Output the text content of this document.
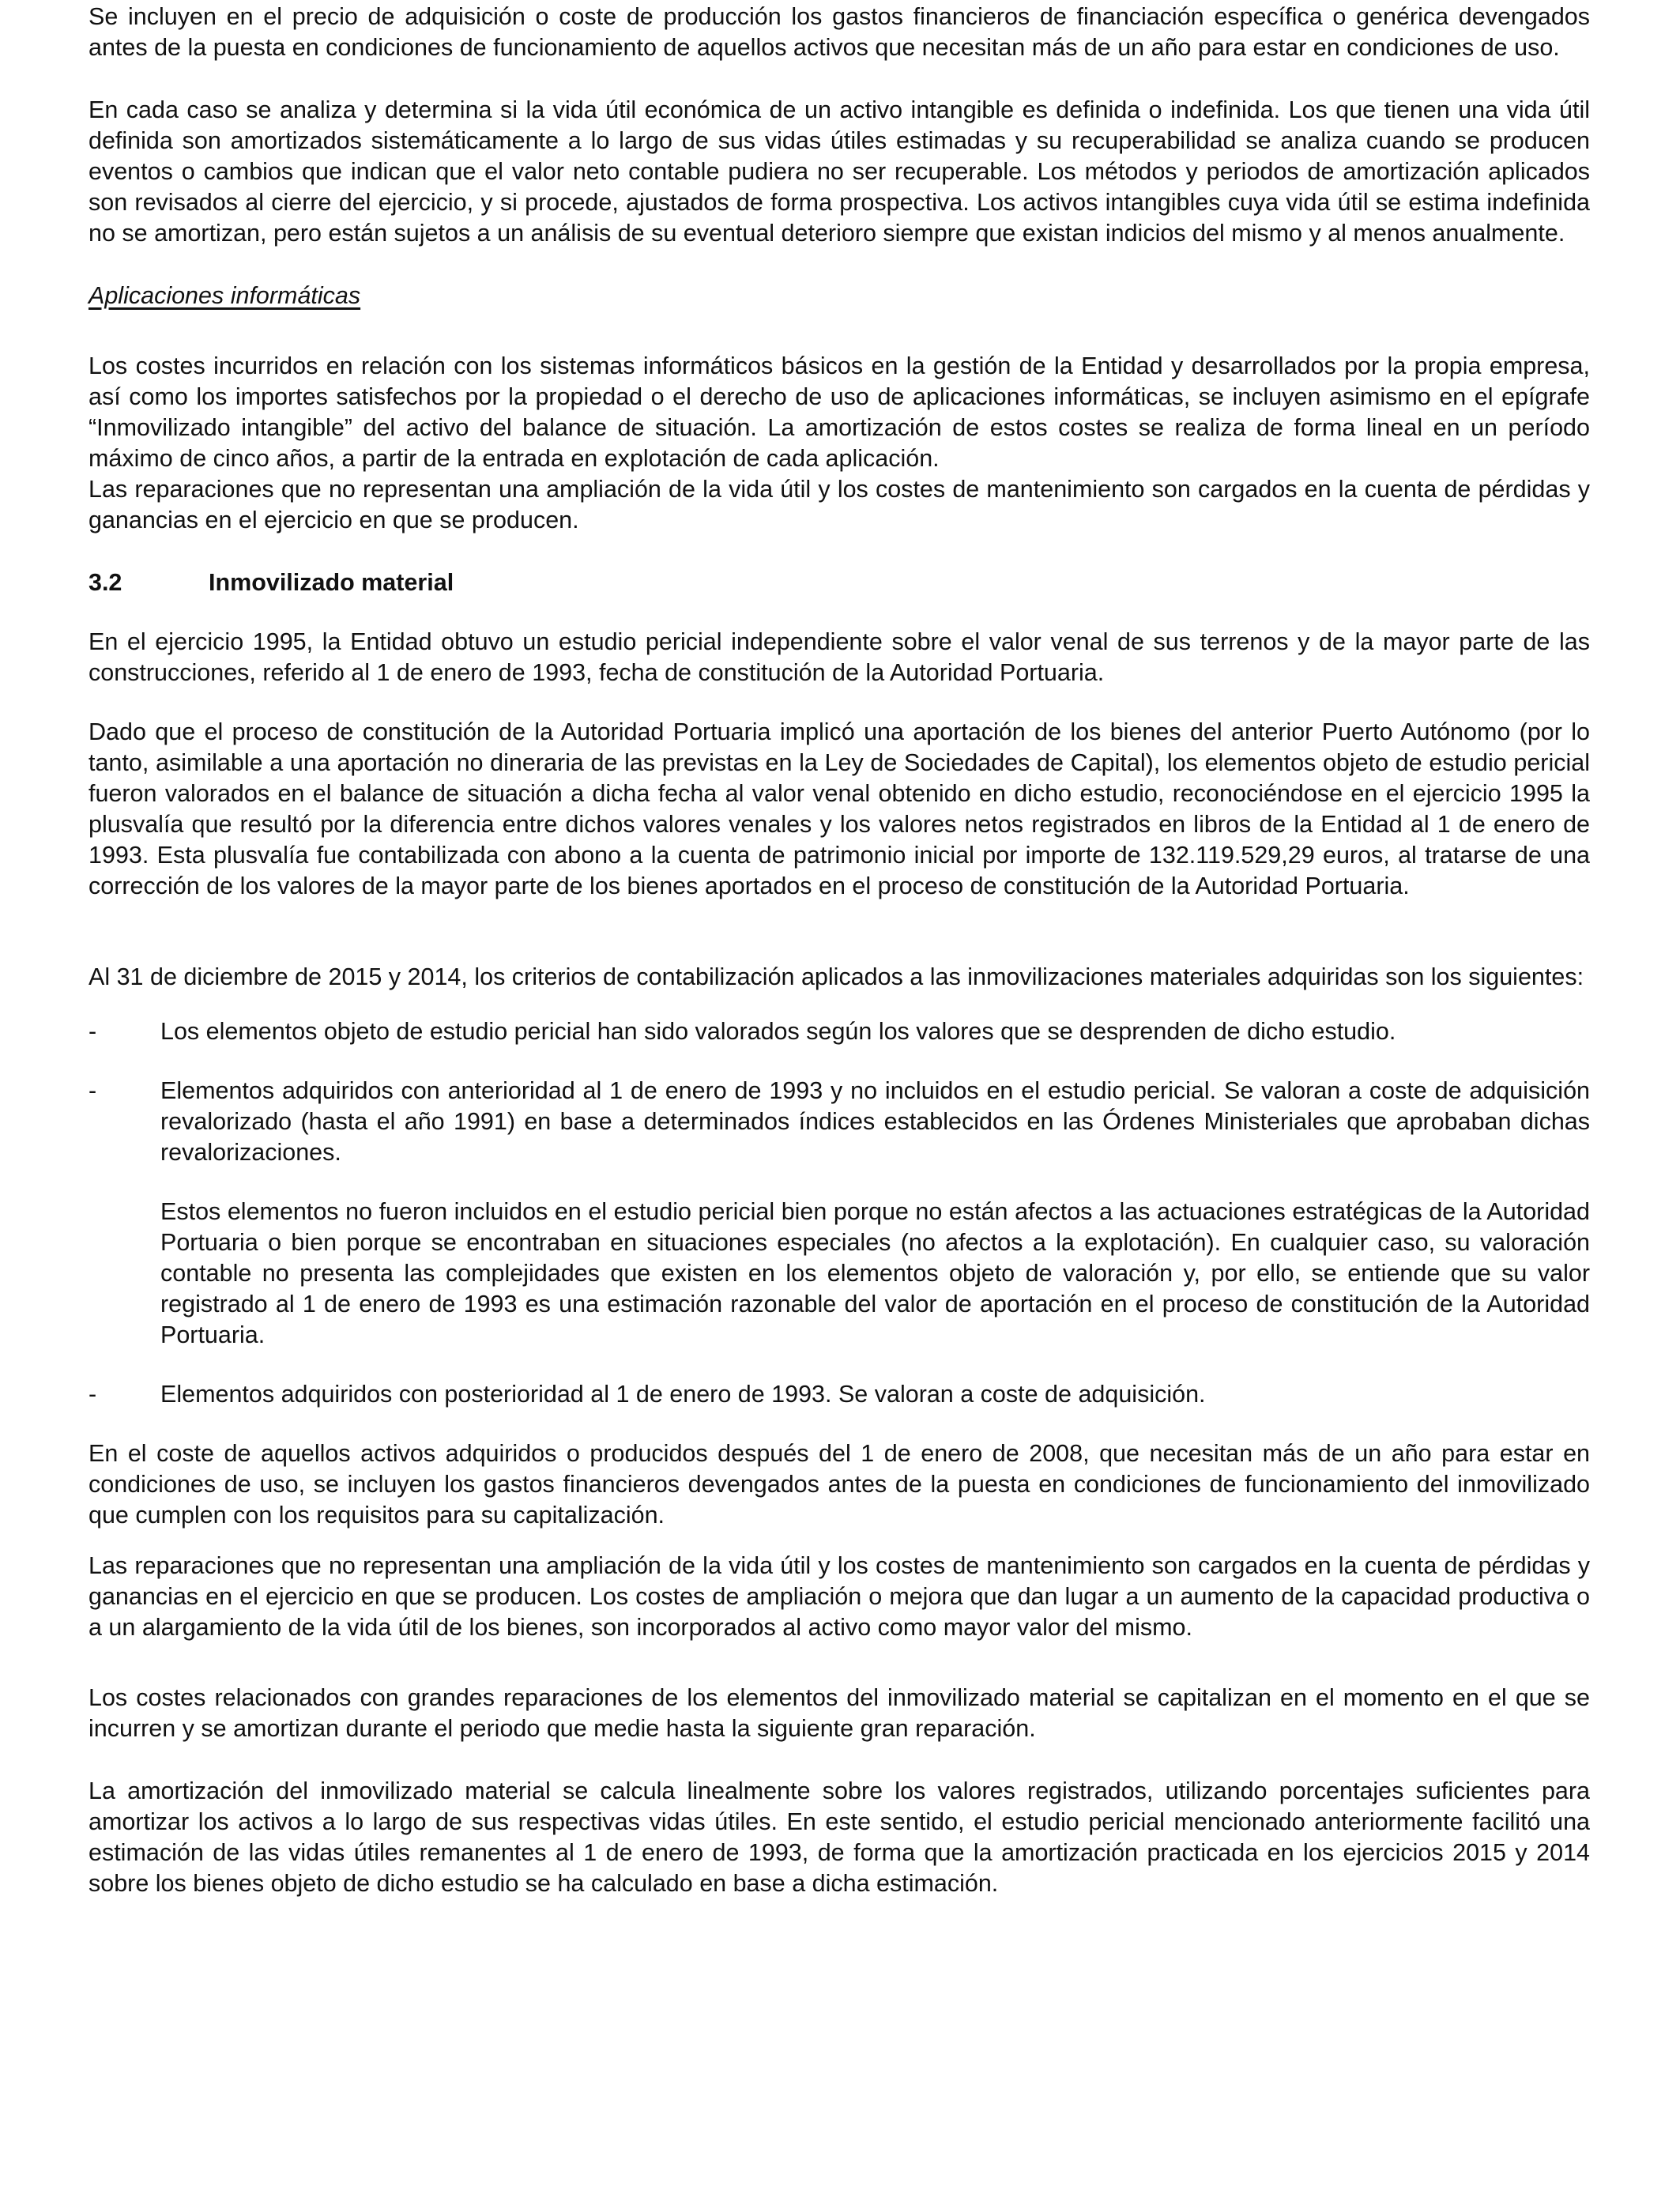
Se incluyen en el precio de adquisición o coste de producción los gastos financieros de financiación específica o genérica devengados antes de la puesta en condiciones de funcionamiento de aquellos activos que necesitan más de un año para estar en condiciones de uso.

En cada caso se analiza y determina si la vida útil económica de un activo intangible es definida o indefinida. Los que tienen una vida útil definida son amortizados sistemáticamente a lo largo de sus vidas útiles estimadas y su recuperabilidad se analiza cuando se producen eventos o cambios que indican que el valor neto contable pudiera no ser recuperable. Los métodos y periodos de amortización aplicados son revisados al cierre del ejercicio, y si procede, ajustados de forma prospectiva. Los activos intangibles cuya vida útil se estima indefinida no se amortizan, pero están sujetos a un análisis de su eventual deterioro siempre que existan indicios del mismo y al menos anualmente.

Aplicaciones informáticas

Los costes incurridos en relación con los sistemas informáticos básicos en la gestión de la Entidad y desarrollados por la propia empresa, así como los importes satisfechos por la propiedad o el derecho de uso de aplicaciones informáticas, se incluyen asimismo en el epígrafe “Inmovilizado intangible” del activo del balance de situación. La amortización de estos costes se realiza de forma lineal en un período máximo de cinco años, a partir de la entrada en explotación de cada aplicación.

Las reparaciones que no representan una ampliación de la vida útil y los costes de mantenimiento son cargados en la cuenta de pérdidas y ganancias en el ejercicio en que se producen.

3.2	Inmovilizado material

En el ejercicio 1995, la Entidad obtuvo un estudio pericial independiente sobre el valor venal de sus terrenos y de la mayor parte de las construcciones, referido al 1 de enero de 1993, fecha de constitución de la Autoridad Portuaria.

Dado que el proceso de constitución de la Autoridad Portuaria implicó una aportación de los bienes del anterior Puerto Autónomo (por lo tanto, asimilable a una aportación no dineraria de las previstas en la Ley de Sociedades de Capital), los elementos objeto de estudio pericial fueron valorados en el balance de situación a dicha fecha al valor venal obtenido en dicho estudio, reconociéndose en el ejercicio 1995 la plusvalía que resultó por la diferencia entre dichos valores venales y los valores netos registrados en libros de la Entidad al 1 de enero de 1993. Esta plusvalía fue contabilizada con abono a la cuenta de patrimonio inicial por importe de 132.119.529,29 euros, al tratarse de una corrección de los valores de la mayor parte de los bienes aportados en el proceso de constitución de la Autoridad Portuaria.

Al 31 de diciembre de 2015 y 2014, los criterios de contabilización aplicados a las inmovilizaciones materiales adquiridas son los siguientes:

-	Los elementos objeto de estudio pericial han sido valorados según los valores que se desprenden de dicho estudio.
-	Elementos adquiridos con anterioridad al 1 de enero de 1993 y no incluidos en el estudio pericial. Se valoran a coste de adquisición revalorizado (hasta el año 1991) en base a determinados índices establecidos en las Órdenes Ministeriales que aprobaban dichas revalorizaciones.

Estos elementos no fueron incluidos en el estudio pericial bien porque no están afectos a las actuaciones estratégicas de la Autoridad Portuaria o bien porque se encontraban en situaciones especiales (no afectos a la explotación). En cualquier caso, su valoración contable no presenta las complejidades que existen en los elementos objeto de valoración y, por ello, se entiende que su valor registrado al 1 de enero de 1993 es una estimación razonable del valor de aportación en el proceso de constitución de la Autoridad Portuaria.

-	Elementos adquiridos con posterioridad al 1 de enero de 1993. Se valoran a coste de adquisición.

En el coste de aquellos activos adquiridos o producidos después del 1 de enero de 2008, que necesitan más de un año para estar en condiciones de uso, se incluyen los gastos financieros devengados antes de la puesta en condiciones de funcionamiento del inmovilizado que cumplen con los requisitos para su capitalización.

Las reparaciones que no representan una ampliación de la vida útil y los costes de mantenimiento son cargados en la cuenta de pérdidas y ganancias en el ejercicio en que se producen. Los costes de ampliación o mejora que dan lugar a un aumento de la capacidad productiva o a un alargamiento de la vida útil de los bienes, son incorporados al activo como mayor valor del mismo.

Los costes relacionados con grandes reparaciones de los elementos del inmovilizado material se capitalizan en el momento en el que se incurren y se amortizan durante el periodo que medie hasta la siguiente gran reparación.

La amortización del inmovilizado material se calcula linealmente sobre los valores registrados, utilizando porcentajes suficientes para amortizar los activos a lo largo de sus respectivas vidas útiles. En este sentido, el estudio pericial mencionado anteriormente facilitó una estimación de las vidas útiles remanentes al 1 de enero de 1993, de forma que la amortización practicada en los ejercicios 2015 y 2014 sobre los bienes objeto de dicho estudio se ha calculado en base a dicha estimación.
